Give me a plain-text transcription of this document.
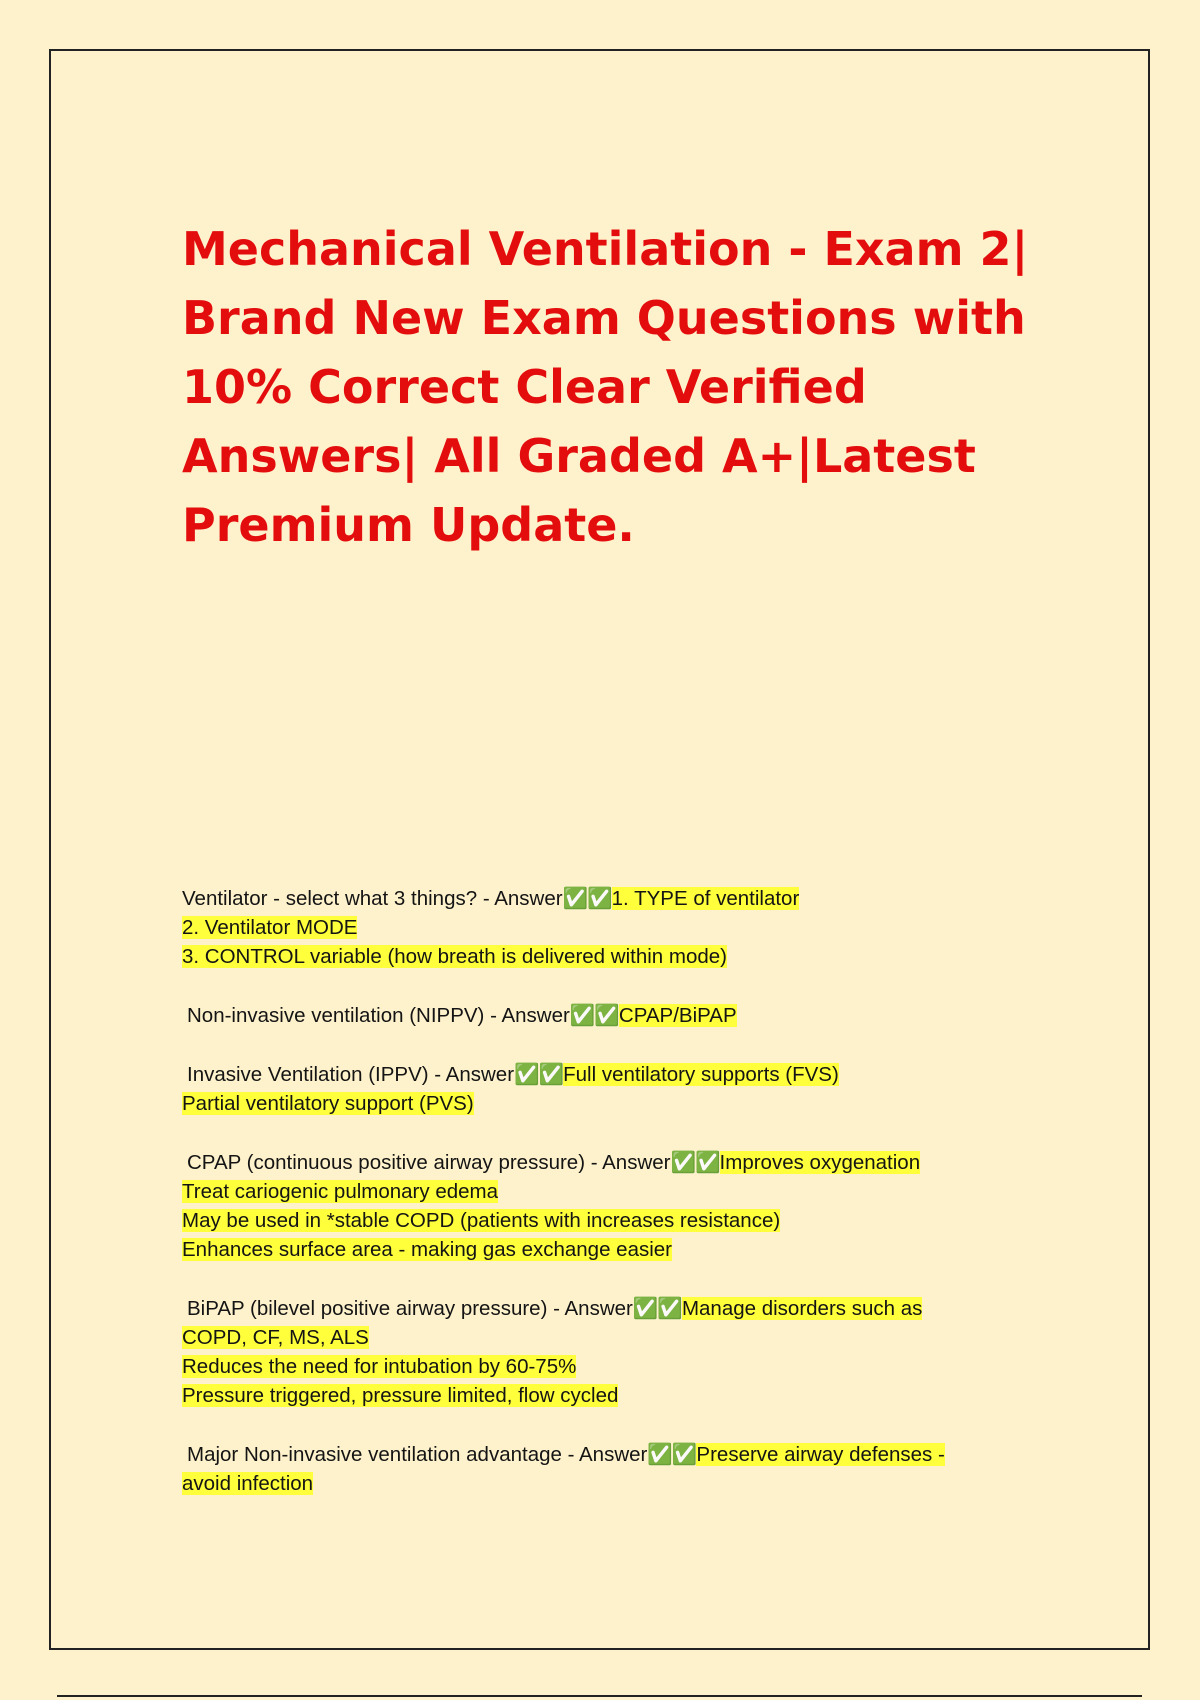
Mechanical Ventilation - Exam 2| Brand New Exam Questions with 10% Correct Clear Verified Answers| All Graded A+|Latest Premium Update.
Ventilator - select what 3 things? - Answer✅✅1. TYPE of ventilator
2. Ventilator MODE
3. CONTROL variable (how breath is delivered within mode)
Non-invasive ventilation (NIPPV) - Answer✅✅CPAP/BiPAP
Invasive Ventilation (IPPV) - Answer✅✅Full ventilatory supports (FVS)
Partial ventilatory support (PVS)
CPAP (continuous positive airway pressure) - Answer✅✅Improves oxygenation
Treat cariogenic pulmonary edema
May be used in *stable COPD (patients with increases resistance)
Enhances surface area - making gas exchange easier
BiPAP (bilevel positive airway pressure) - Answer✅✅Manage disorders such as
COPD, CF, MS, ALS
Reduces the need for intubation by 60-75%
Pressure triggered, pressure limited, flow cycled
Major Non-invasive ventilation advantage - Answer✅✅Preserve airway defenses -
avoid infection
